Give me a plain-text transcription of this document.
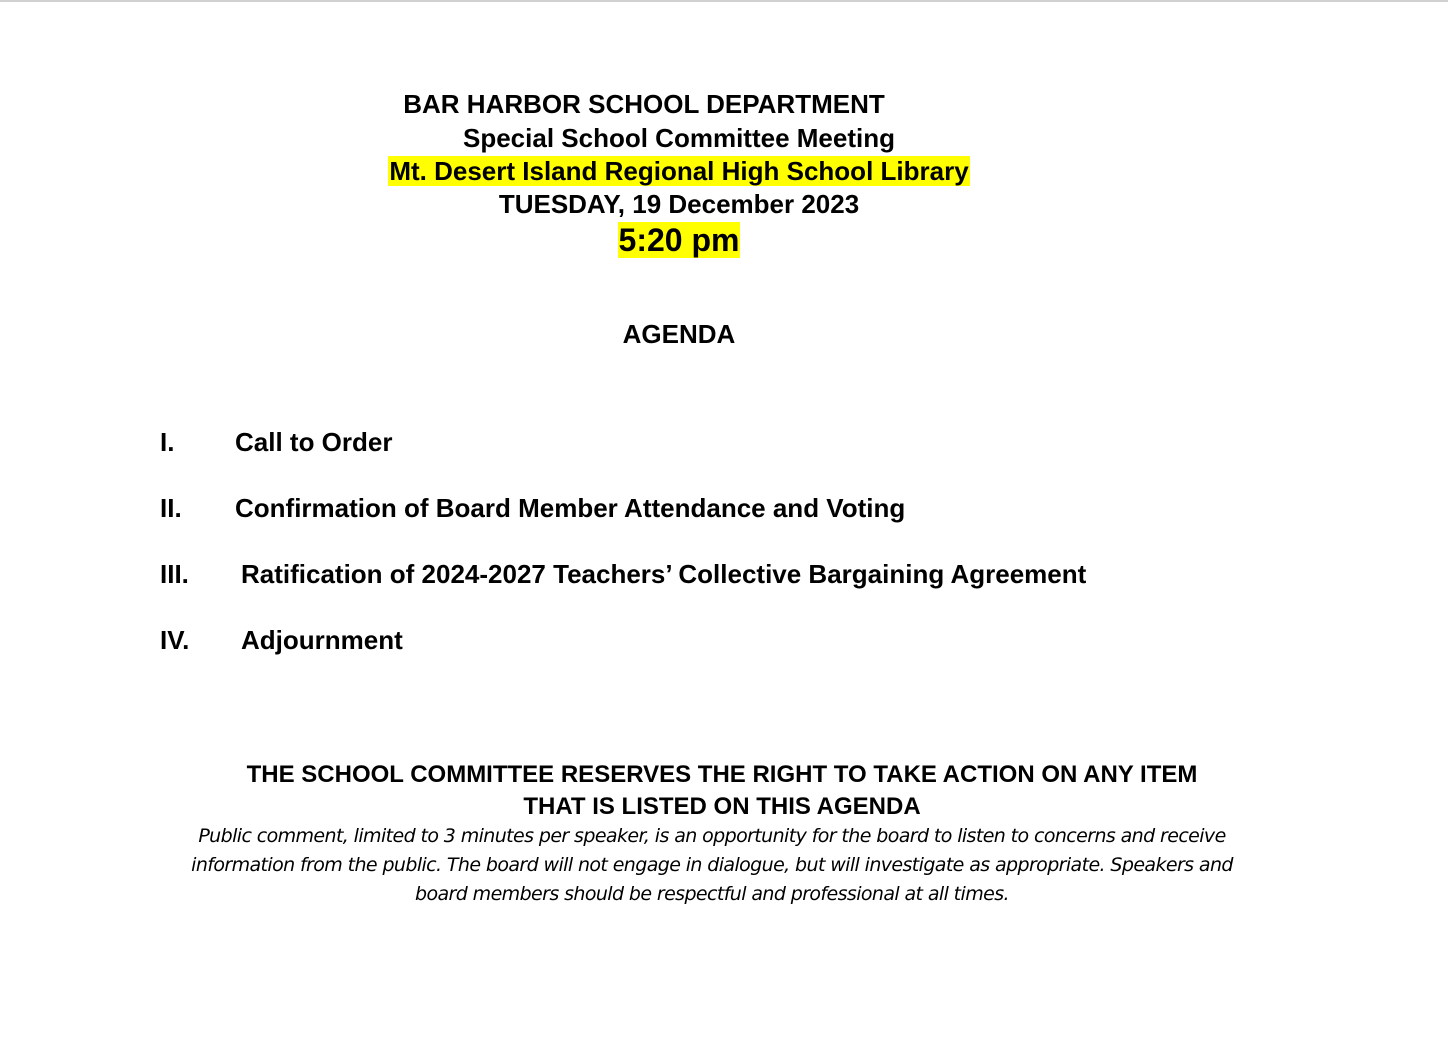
BAR HARBOR SCHOOL DEPARTMENT
Special School Committee Meeting
Mt. Desert Island Regional High School Library
TUESDAY, 19 December 2023
5:20 pm
AGENDA
I. Call to Order
II. Confirmation of Board Member Attendance and Voting
III. Ratification of 2024-2027 Teachers’ Collective Bargaining Agreement
IV. Adjournment
THE SCHOOL COMMITTEE RESERVES THE RIGHT TO TAKE ACTION ON ANY ITEM
THAT IS LISTED ON THIS AGENDA
Public comment, limited to 3 minutes per speaker, is an opportunity for the board to listen to concerns and receive
information from the public. The board will not engage in dialogue, but will investigate as appropriate. Speakers and
board members should be respectful and professional at all times.
